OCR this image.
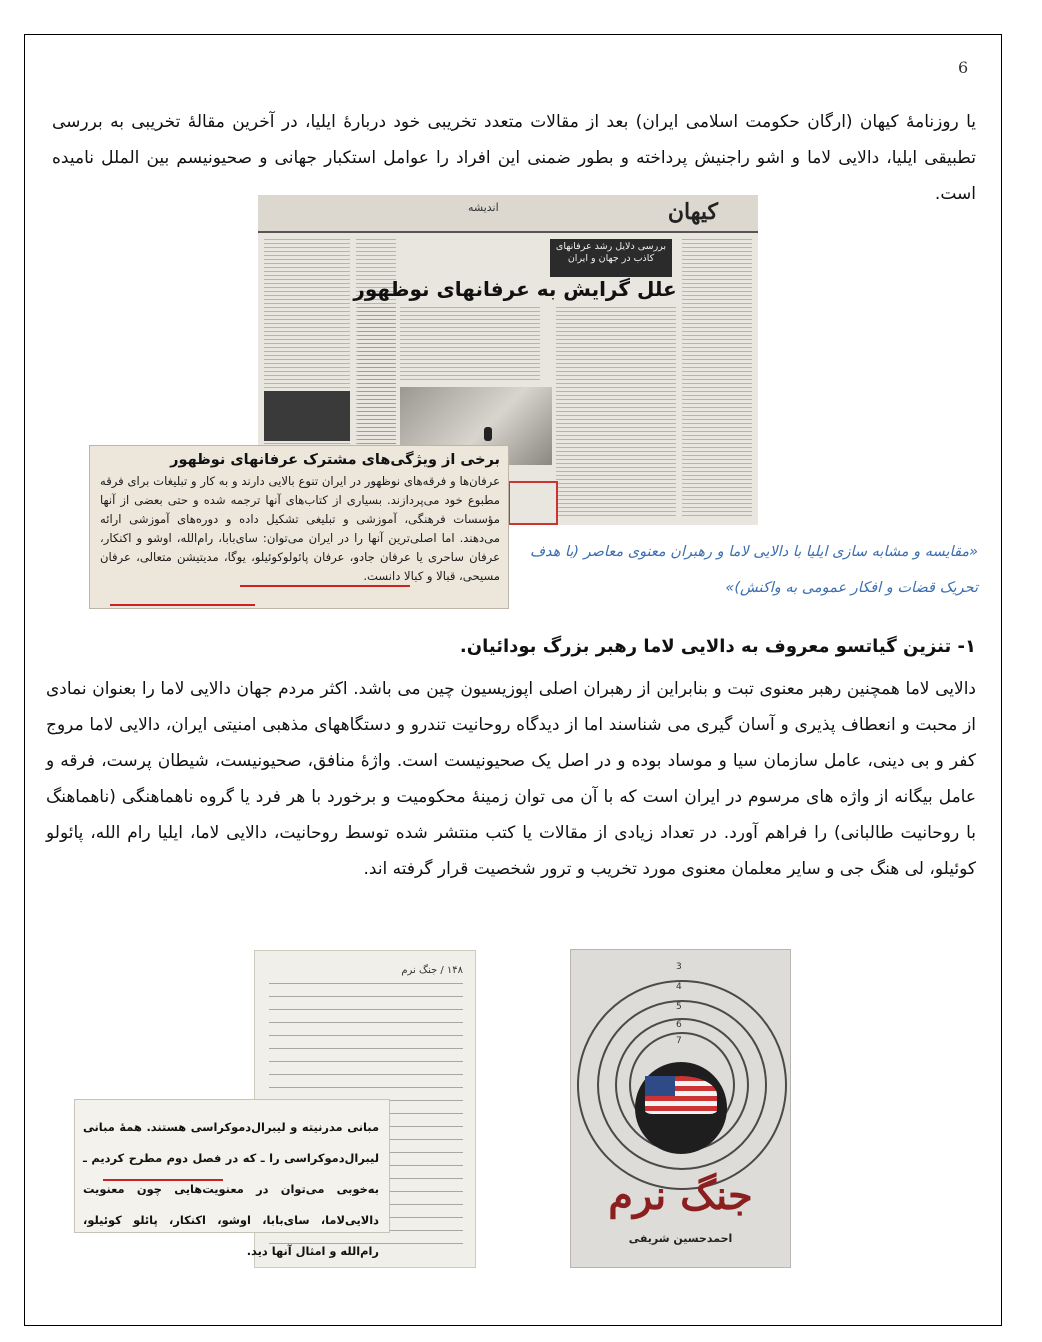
6
یا روزنامهٔ کیهان (ارگان حکومت اسلامی ایران) بعد از مقالات متعدد تخریبی خود دربارهٔ ایلیا، در آخرین مقالهٔ تخریبی به بررسی تطبیقی ایلیا، دالایی لاما و اشو راجنیش پرداخته و بطور ضمنی این افراد را عوامل استکبار جهانی و صحیونیسم بین الملل نامیده است.
کیهان
اندیشه
بررسی دلایل رشد عرفانهای کاذب در جهان و ایران
علل گرایش به عرفانهای نوظهور
برخی از ویژگی‌های مشترک عرفانهای نوظهور
عرفان‌ها و فرقه‌های نوظهور در ایران تنوع بالایی دارند و به کار و تبلیغات برای فرقه مطبوع خود می‌پردازند. بسیاری از کتاب‌های آنها ترجمه شده و حتی بعضی از آنها مؤسسات فرهنگی، آموزشی و تبلیغی تشکیل داده و دوره‌های آموزشی ارائه می‌دهند. اما اصلی‌ترین آنها را در ایران می‌توان: سای‌بابا، رام‌الله، اوشو و اکنکار، عرفان ساحری یا عرفان جادو، عرفان پائولوکوئیلو، یوگا، مدیتیشن متعالی، عرفان مسیحی، قبالا و کبالا دانست.
«مقایسه و مشابه سازی ایلیا با دالایی لاما و رهبران معنوی معاصر (با هدف تحریک قضات و افکار عمومی به واکنش)»
۱- تنزین گیاتسو معروف به دالایی لاما رهبر بزرگ بودائیان.
دالایی لاما همچنین رهبر معنوی تبت و بنابراین از رهبران اصلی اپوزیسیون چین می باشد. اکثر مردم جهان دالایی لاما را بعنوان نمادی از محبت و انعطاف پذیری و آسان گیری می شناسند اما از دیدگاه روحانیت تندرو و دستگاههای مذهبی امنیتی ایران، دالایی لاما مروج کفر و بی دینی، عامل سازمان سیا و موساد بوده و در اصل یک صحیونیست است. واژهٔ منافق، صحیونیست، شیطان پرست، فرقه و عامل بیگانه از واژه های مرسوم در ایران است که با آن می توان زمینهٔ محکومیت و برخورد با هر فرد یا گروه ناهماهنگی (ناهماهنگ با روحانیت طالبانی) را فراهم آورد. در تعداد زیادی از مقالات یا کتب منتشر شده توسط روحانیت، دالایی لاما، ایلیا رام الله، پائولو کوئیلو، لی هنگ جی و سایر معلمان معنوی مورد تخریب و ترور شخصیت قرار گرفته اند.
۱۴۸ / جنگ نرم
مبانی مدرنیته و لیبرال‌دموکراسی هستند. همهٔ مبانی لیبرال‌دموکراسی را ـ که در فصل دوم مطرح کردیم ـ به‌خوبی می‌توان در معنویت‌هایی چون معنویت دالایی‌لاما، سای‌بابا، اوشو، اکنکار، پائلو کوئیلو، رام‌الله و امثال آنها دید.
3
4
5
6
7
جنگ نرم
احمدحسین شریفی
